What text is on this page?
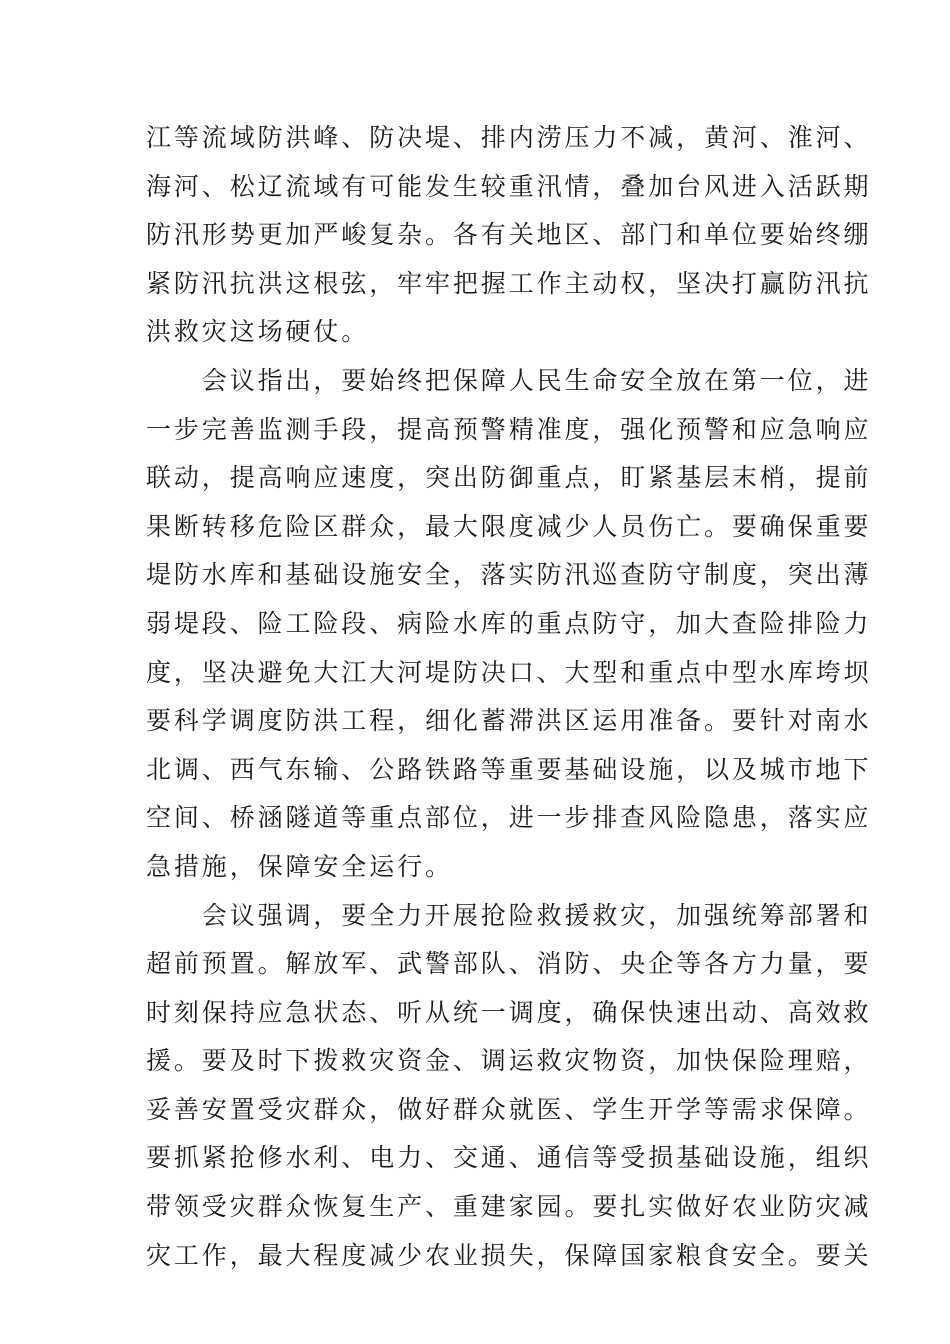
江等流域防洪峰、防决堤、排内涝压力不减，黄河、淮河、
海河、松辽流域有可能发生较重汛情，叠加台风进入活跃期
防汛形势更加严峻复杂。各有关地区、部门和单位要始终绷
紧防汛抗洪这根弦，牢牢把握工作主动权，坚决打赢防汛抗
洪救灾这场硬仗。
　　会议指出，要始终把保障人民生命安全放在第一位，进
一步完善监测手段，提高预警精准度，强化预警和应急响应
联动，提高响应速度，突出防御重点，盯紧基层末梢，提前
果断转移危险区群众，最大限度减少人员伤亡。要确保重要
堤防水库和基础设施安全，落实防汛巡查防守制度，突出薄
弱堤段、险工险段、病险水库的重点防守，加大查险排险力
度，坚决避免大江大河堤防决口、大型和重点中型水库垮坝
要科学调度防洪工程，细化蓄滞洪区运用准备。要针对南水
北调、西气东输、公路铁路等重要基础设施，以及城市地下
空间、桥涵隧道等重点部位，进一步排查风险隐患，落实应
急措施，保障安全运行。
　　会议强调，要全力开展抢险救援救灾，加强统筹部署和
超前预置。解放军、武警部队、消防、央企等各方力量，要
时刻保持应急状态、听从统一调度，确保快速出动、高效救
援。要及时下拨救灾资金、调运救灾物资，加快保险理赔，
妥善安置受灾群众，做好群众就医、学生开学等需求保障。
要抓紧抢修水利、电力、交通、通信等受损基础设施，组织
带领受灾群众恢复生产、重建家园。要扎实做好农业防灾减
灾工作，最大程度减少农业损失，保障国家粮食安全。要关
